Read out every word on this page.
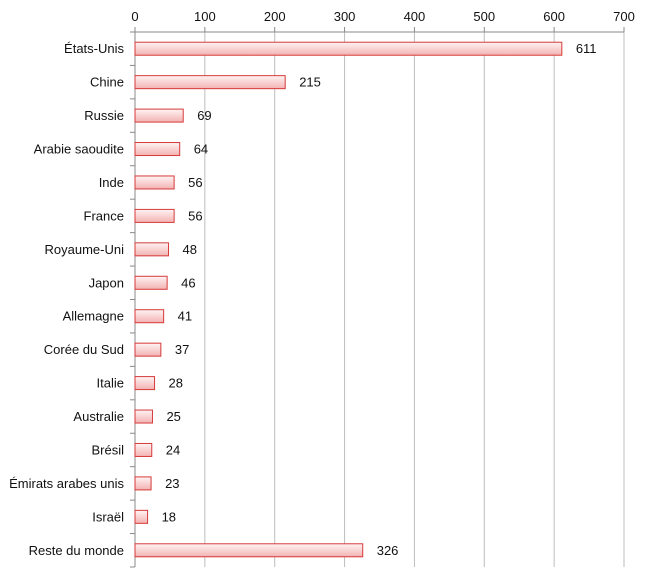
0	100	200	300	400	500	600	700
États-Unis	611
Chine	215
Russie	69
Arabie saoudite	64
Inde	56
France	56
Royaume-Uni	48
Japon	46
Allemagne	41
Corée du Sud	37
Italie	28
Australie	25
Brésil	24
Émirats arabes unis	23
Israël	18
Reste du monde	326
